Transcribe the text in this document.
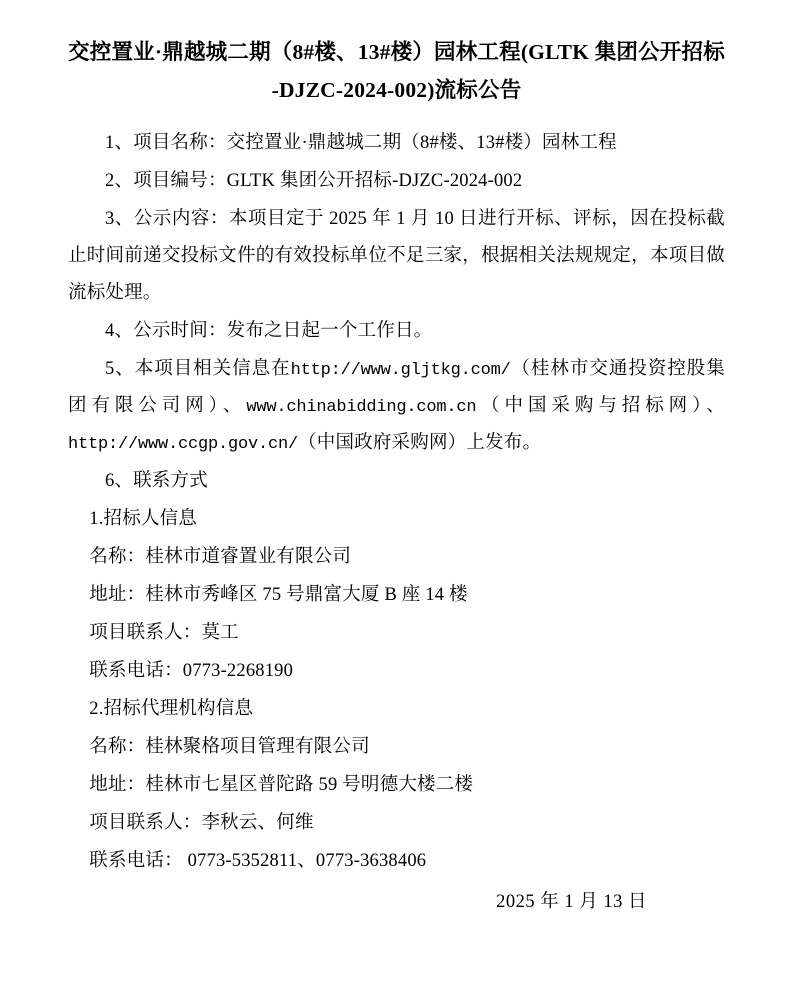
交控置业·鼎越城二期（8#楼、13#楼）园林工程(GLTK 集团公开招标
-DJZC-2024-002)流标公告

1、项目名称：交控置业·鼎越城二期（8#楼、13#楼）园林工程

2、项目编号：GLTK 集团公开招标-DJZC-2024-002

3、公示内容：本项目定于 2025 年 1 月 10 日进行开标、评标，因在投标截止时间前递交投标文件的有效投标单位不足三家，根据相关法规规定，本项目做流标处理。

4、公示时间：发布之日起一个工作日。

5、本项目相关信息在http://www.gljtkg.com/（桂林市交通投资控股集团有限公司网）、www.chinabidding.com.cn（中国采购与招标网）、http://www.ccgp.gov.cn/（中国政府采购网）上发布。

6、联系方式

1.招标人信息

名称：桂林市道睿置业有限公司

地址：桂林市秀峰区 75 号鼎富大厦 B 座 14 楼

项目联系人：莫工

联系电话：0773-2268190

2.招标代理机构信息

名称：桂林聚格项目管理有限公司

地址：桂林市七星区普陀路 59 号明德大楼二楼

项目联系人：李秋云、何维

联系电话： 0773-5352811、0773-3638406

2025 年 1 月 13 日
